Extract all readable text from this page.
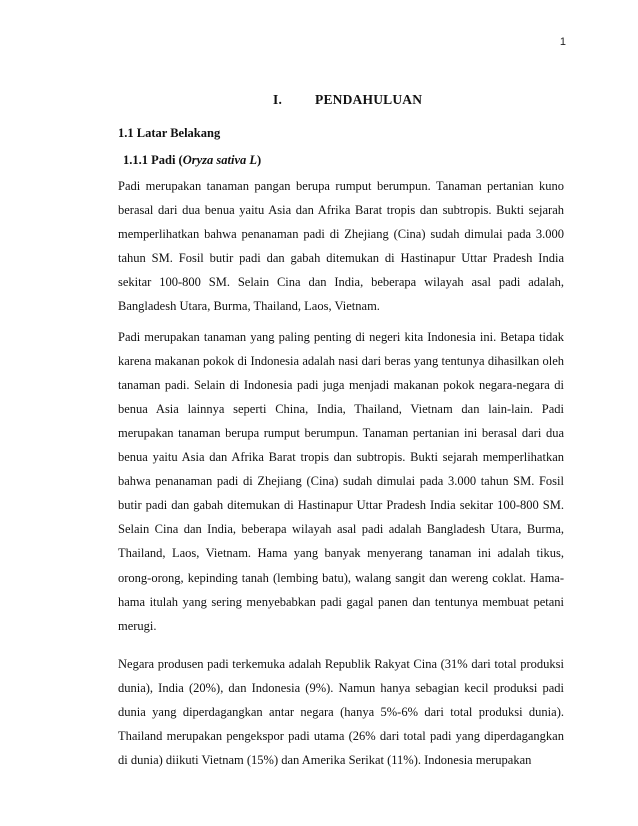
1
I. PENDAHULUAN
1.1 Latar Belakang
1.1.1 Padi (Oryza sativa L)

Padi merupakan tanaman pangan berupa rumput berumpun. Tanaman pertanian kuno berasal dari dua benua yaitu Asia dan Afrika Barat tropis dan subtropis. Bukti sejarah memperlihatkan bahwa penanaman padi di Zhejiang (Cina) sudah dimulai pada 3.000 tahun SM. Fosil butir padi dan gabah ditemukan di Hastinapur Uttar Pradesh India sekitar 100-800 SM. Selain Cina dan India, beberapa wilayah asal padi adalah, Bangladesh Utara, Burma, Thailand, Laos, Vietnam.

Padi merupakan tanaman yang paling penting di negeri kita Indonesia ini. Betapa tidak karena makanan pokok di Indonesia adalah nasi dari beras yang tentunya dihasilkan oleh tanaman padi. Selain di Indonesia padi juga menjadi makanan pokok negara-negara di benua Asia lainnya seperti China, India, Thailand, Vietnam dan lain-lain. Padi merupakan tanaman berupa rumput berumpun. Tanaman pertanian ini berasal dari dua benua yaitu Asia dan Afrika Barat tropis dan subtropis. Bukti sejarah memperlihatkan bahwa penanaman padi di Zhejiang (Cina) sudah dimulai pada 3.000 tahun SM. Fosil butir padi dan gabah ditemukan di Hastinapur Uttar Pradesh India sekitar 100-800 SM. Selain Cina dan India, beberapa wilayah asal padi adalah Bangladesh Utara, Burma, Thailand, Laos, Vietnam. Hama yang banyak menyerang tanaman ini adalah tikus, orong-orong, kepinding tanah (lembing batu), walang sangit dan wereng coklat. Hama-hama itulah yang sering menyebabkan padi gagal panen dan tentunya membuat petani merugi.

Negara produsen padi terkemuka adalah Republik Rakyat Cina (31% dari total produksi dunia), India (20%), dan Indonesia (9%). Namun hanya sebagian kecil produksi padi dunia yang diperdagangkan antar negara (hanya 5%-6% dari total produksi dunia). Thailand merupakan pengekspor padi utama (26% dari total padi yang diperdagangkan di dunia) diikuti Vietnam (15%) dan Amerika Serikat (11%). Indonesia merupakan
